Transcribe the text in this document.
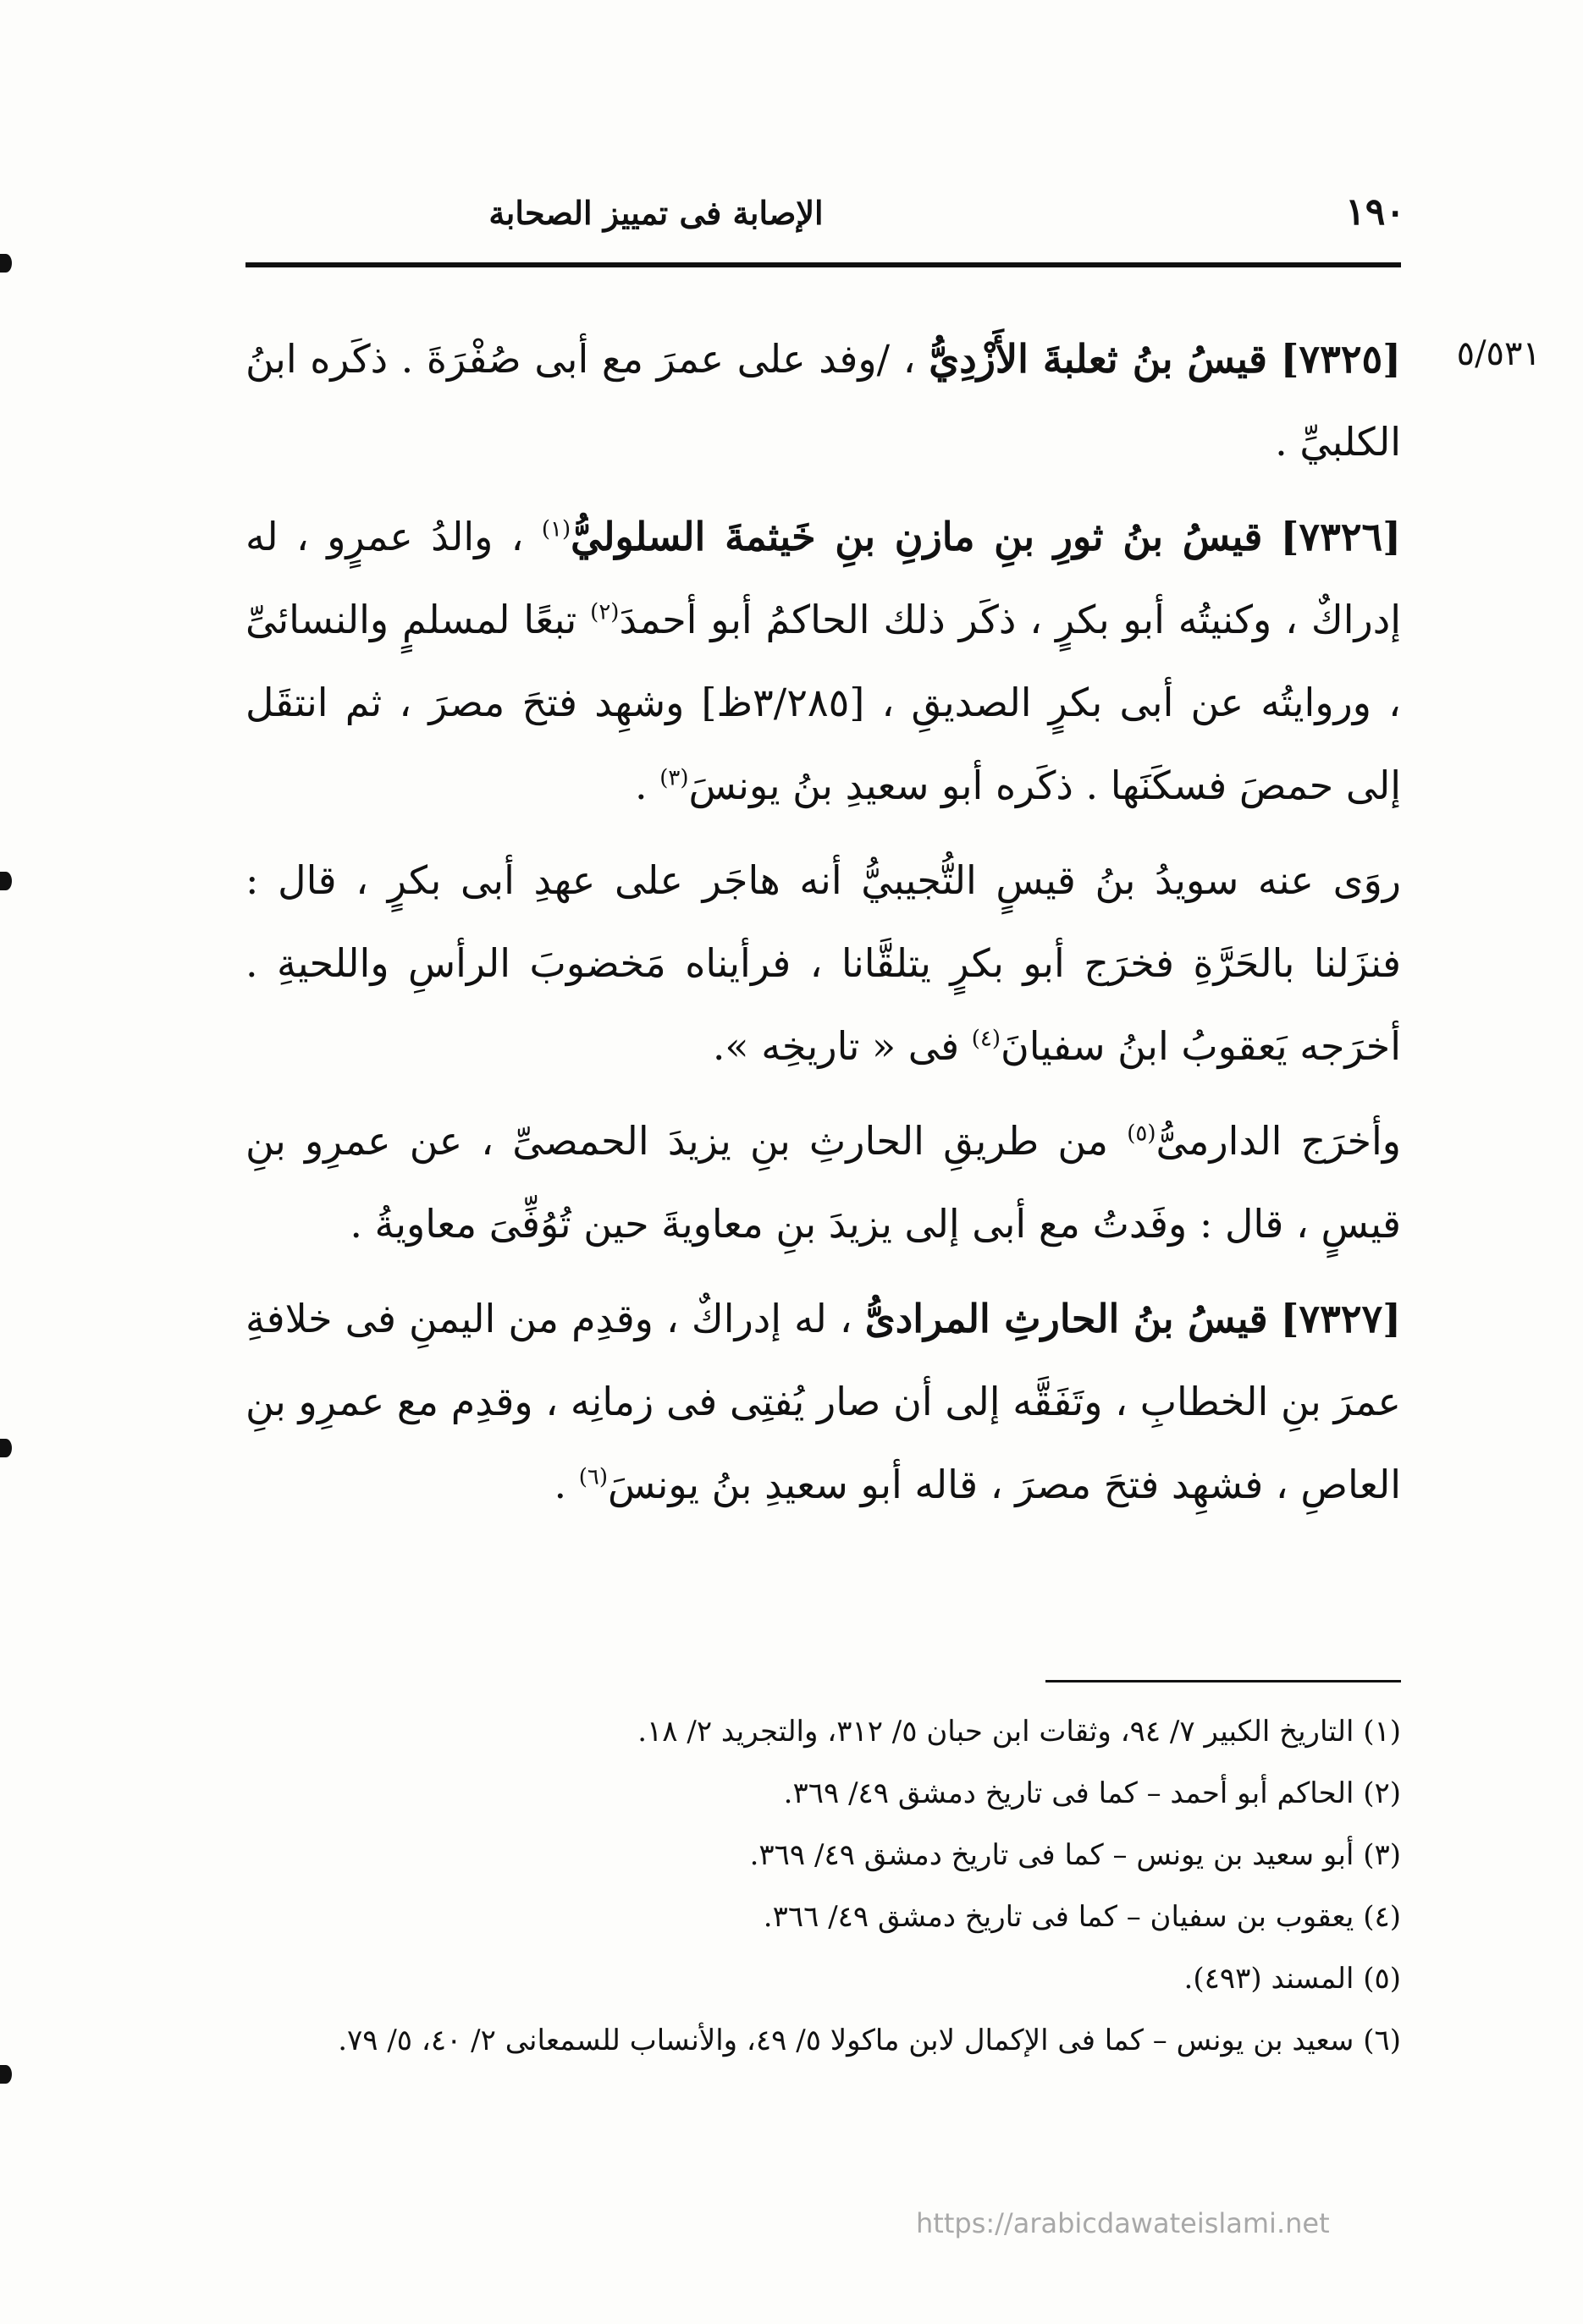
١٩٠
الإصابة فى تمييز الصحابة
٥/٥٣١

[٧٣٢٥] قيسُ بنُ ثعلبةَ الأَزْدِيُّ ، /وفد على عمرَ مع أبى صُفْرَةَ . ذكَره ابنُ الكلبيِّ .

[٧٣٢٦] قيسُ بنُ ثورِ بنِ مازنِ بنِ خَيثمةَ السلوليُّ$^{(١)}$ ، والدُ عمرٍو ، له إدراكٌ ، وكنيتُه أبو بكرٍ ، ذكَر ذلك الحاكمُ أبو أحمدَ$^{(٢)}$ تبعًا لمسلمٍ والنسائىِّ ، وروايتُه عن أبى بكرٍ الصديقِ ، [٣/٢٨٥ظ] وشهِد فتحَ مصرَ ، ثم انتقَل إلى حمصَ فسكَنَها . ذكَره أبو سعيدِ بنُ يونسَ$^{(٣)}$ .

روَى عنه سويدُ بنُ قيسٍ التُّجيبيُّ أنه هاجَر على عهدِ أبى بكرٍ ، قال : فنزَلنا بالحَرَّةِ فخرَج أبو بكرٍ يتلقَّانا ، فرأيناه مَخضوبَ الرأسِ واللحيةِ . أخرَجه يَعقوبُ ابنُ سفيانَ$^{(٤)}$ فى « تاريخِه ».

وأخرَج الدارمىُّ$^{(٥)}$ من طريقِ الحارثِ بنِ يزيدَ الحمصىِّ ، عن عمرِو بنِ قيسٍ ، قال : وفَدتُ مع أبى إلى يزيدَ بنِ معاويةَ حين تُوُفِّىَ معاويةُ .

[٧٣٢٧] قيسُ بنُ الحارثِ المرادىُّ ، له إدراكٌ ، وقدِم من اليمنِ فى خلافةِ عمرَ بنِ الخطابِ ، وتَفَقَّه إلى أن صار يُفتِى فى زمانِه ، وقدِم مع عمرِو بنِ العاصِ ، فشهِد فتحَ مصرَ ، قاله أبو سعيدِ بنُ يونسَ$^{(٦)}$ .

(١) التاريخ الكبير ٧/ ٩٤، وثقات ابن حبان ٥/ ٣١٢، والتجريد ٢/ ١٨.
(٢) الحاكم أبو أحمد – كما فى تاريخ دمشق ٤٩/ ٣٦٩.
(٣) أبو سعيد بن يونس – كما فى تاريخ دمشق ٤٩/ ٣٦٩.
(٤) يعقوب بن سفيان – كما فى تاريخ دمشق ٤٩/ ٣٦٦.
(٥) المسند (٤٩٣).
(٦) سعيد بن يونس – كما فى الإكمال لابن ماكولا ٥/ ٤٩، والأنساب للسمعانى ٢/ ٤٠، ٥/ ٧٩.
https://arabicdawateislami.net
